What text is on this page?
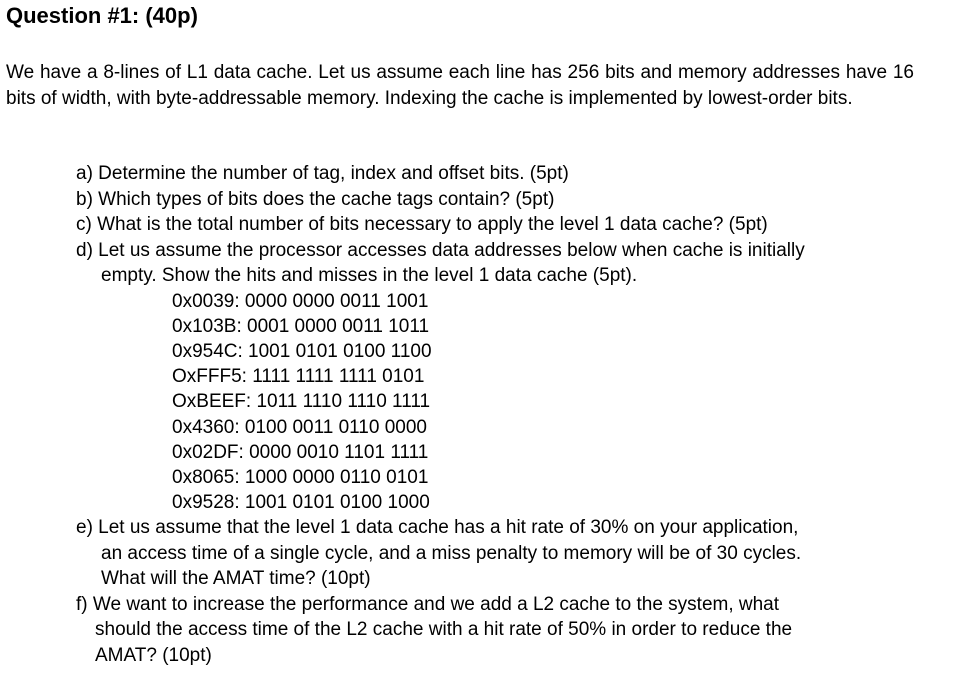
Question #1: (40p)

We have a 8-lines of L1 data cache. Let us assume each line has 256 bits and memory addresses have 16 bits of width, with byte-addressable memory. Indexing the cache is implemented by lowest-order bits.

a) Determine the number of tag, index and offset bits. (5pt)
b) Which types of bits does the cache tags contain? (5pt)
c) What is the total number of bits necessary to apply the level 1 data cache? (5pt)
d) Let us assume the processor accesses data addresses below when cache is initially
empty. Show the hits and misses in the level 1 data cache (5pt).
0x0039: 0000 0000 0011 1001
0x103B: 0001 0000 0011 1011
0x954C: 1001 0101 0100 1100
OxFFF5: 1111 1111 1111 0101
OxBEEF: 1011 1110 1110 1111
0x4360: 0100 0011 0110 0000
0x02DF: 0000 0010 1101 1111
0x8065: 1000 0000 0110 0101
0x9528: 1001 0101 0100 1000
e) Let us assume that the level 1 data cache has a hit rate of 30% on your application,
an access time of a single cycle, and a miss penalty to memory will be of 30 cycles.
What will the AMAT time? (10pt)
f) We want to increase the performance and we add a L2 cache to the system, what
should the access time of the L2 cache with a hit rate of 50% in order to reduce the
AMAT? (10pt)
